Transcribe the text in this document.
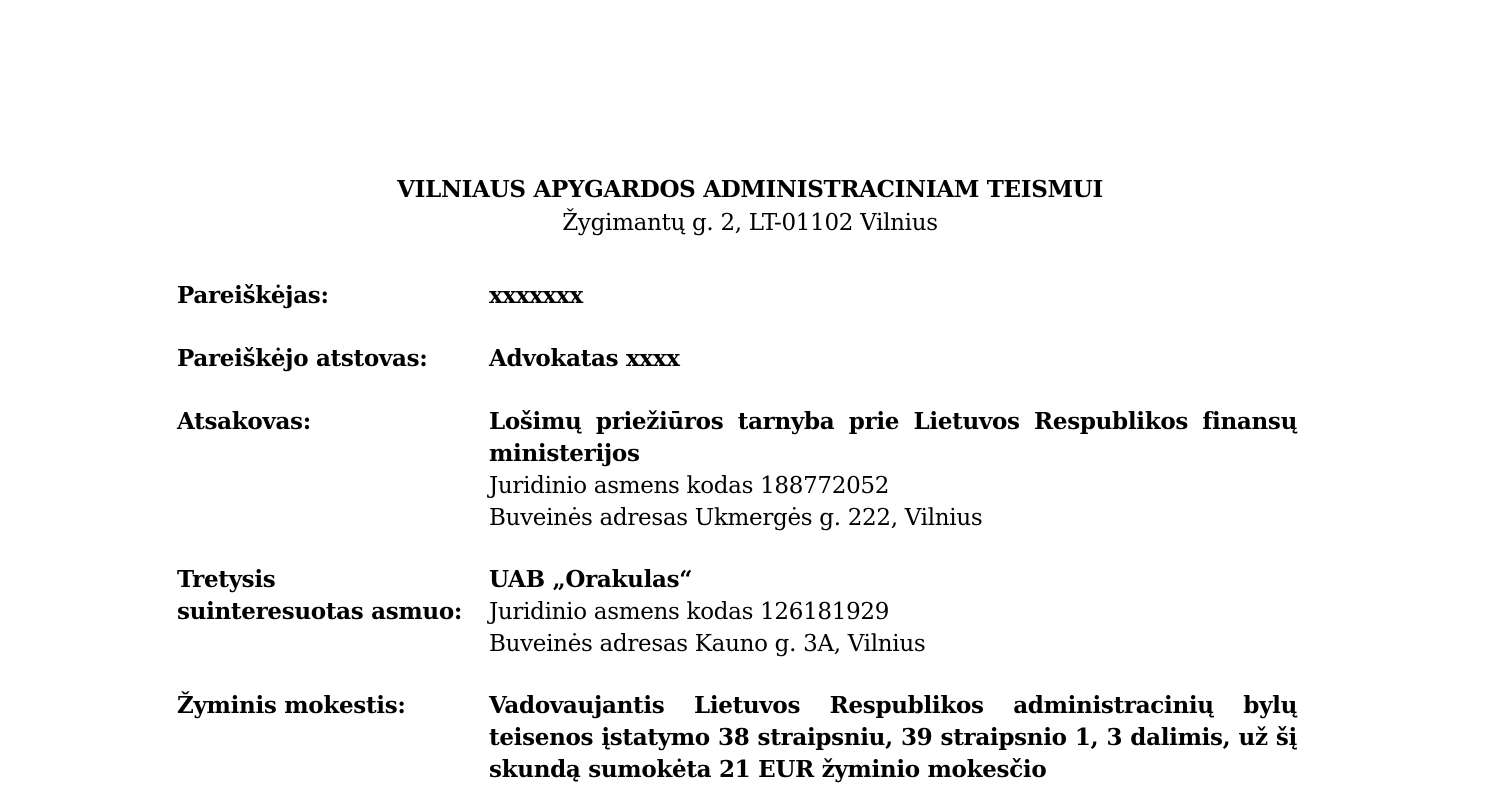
VILNIAUS APYGARDOS ADMINISTRACINIAM TEISMUI
Žygimantų g. 2, LT-01102 Vilnius
Pareiškėjas:	xxxxxxx
Pareiškėjo atstovas:	Advokatas xxxx
Atsakovas:	Lošimų priežiūros tarnyba prie Lietuvos Respublikos finansų ministerijos
Juridinio asmens kodas 188772052
Buveinės adresas Ukmergės g. 222, Vilnius
Tretysis
suinteresuotas asmuo:
UAB „Orakulas“
Juridinio asmens kodas 126181929
Buveinės adresas Kauno g. 3A, Vilnius
Žyminis mokestis:	Vadovaujantis Lietuvos Respublikos administracinių bylų teisenos įstatymo 38 straipsniu, 39 straipsnio 1, 3 dalimis, už šį skundą sumokėta 21 EUR žyminio mokesčio
